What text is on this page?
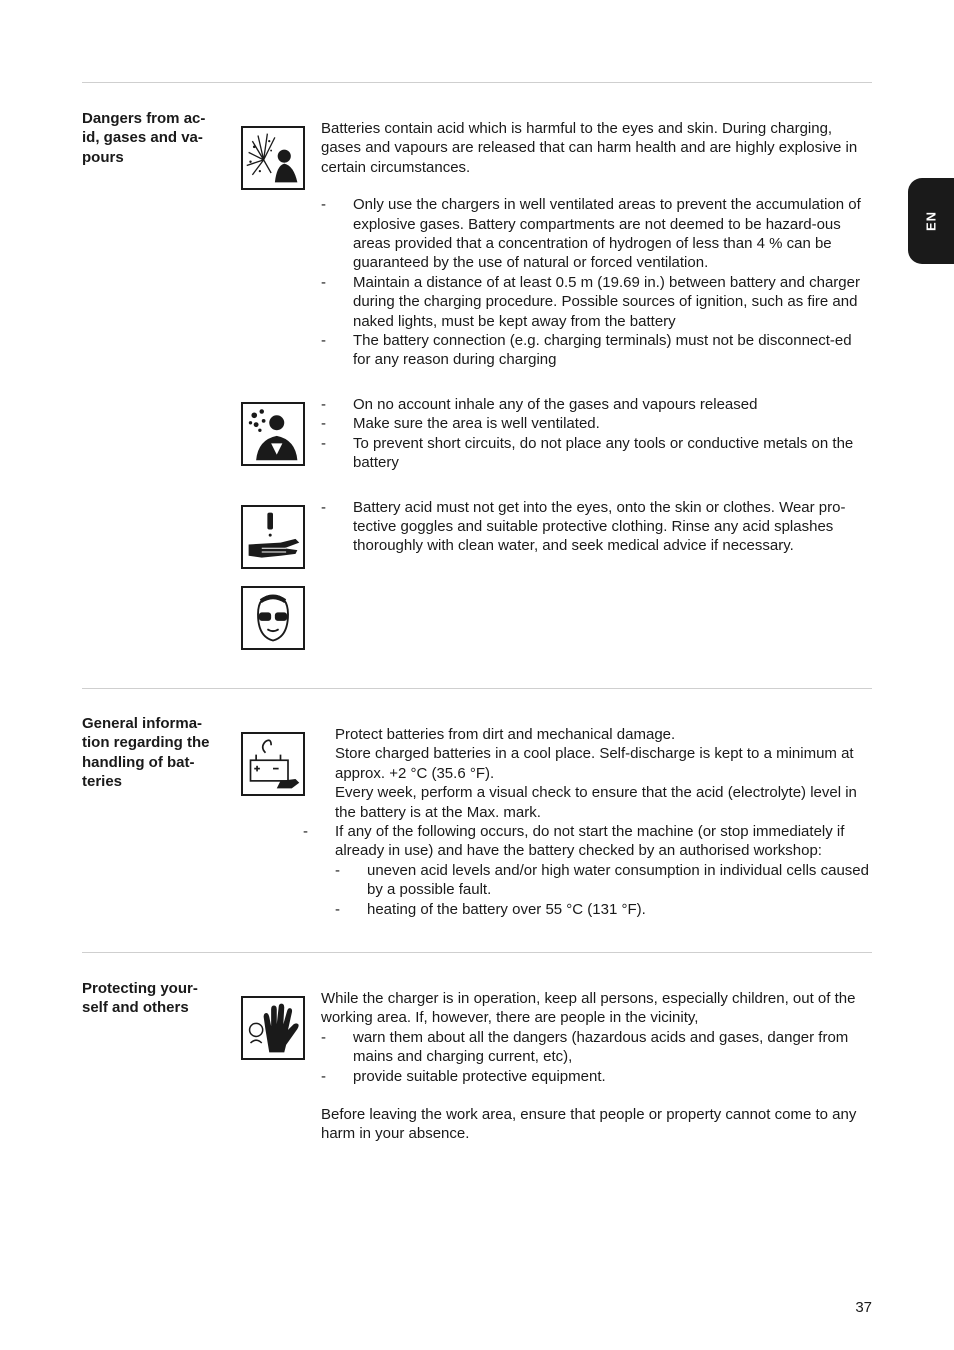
EN
Dangers from ac-id, gases and va-pours

Batteries contain acid which is harmful to the eyes and skin. During charging, gases and vapours are released that can harm health and are highly explosive in certain circumstances.

- Only use the chargers in well ventilated areas to prevent the accumulation of explosive gases. Battery compartments are not deemed to be hazard-ous areas provided that a concentration of hydrogen of less than 4 % can be guaranteed by the use of natural or forced ventilation.
- Maintain a distance of at least 0.5 m (19.69 in.) between battery and charger during the charging procedure. Possible sources of ignition, such as fire and naked lights, must be kept away from the battery
- The battery connection (e.g. charging terminals) must not be disconnect-ed for any reason during charging
- On no account inhale any of the gases and vapours released
- Make sure the area is well ventilated.
- To prevent short circuits, do not place any tools or conductive metals on the battery
- Battery acid must not get into the eyes, onto the skin or clothes. Wear pro-tective goggles and suitable protective clothing. Rinse any acid splashes thoroughly with clean water, and seek medical advice if necessary.
General informa-tion regarding the handling of bat-teries
Protect batteries from dirt and mechanical damage.
Store charged batteries in a cool place. Self-discharge is kept to a minimum at approx. +2 °C (35.6 °F).
Every week, perform a visual check to ensure that the acid (electrolyte) level in the battery is at the Max. mark.
- If any of the following occurs, do not start the machine (or stop immediately if already in use) and have the battery checked by an authorised workshop:
- uneven acid levels and/or high water consumption in individual cells caused by a possible fault.
- heating of the battery over 55 °C (131 °F).
Protecting your-self and others

While the charger is in operation, keep all persons, especially children, out of the working area. If, however, there are people in the vicinity,

- warn them about all the dangers (hazardous acids and gases, danger from mains and charging current, etc),
- provide suitable protective equipment.

Before leaving the work area, ensure that people or property cannot come to any harm in your absence.

37
